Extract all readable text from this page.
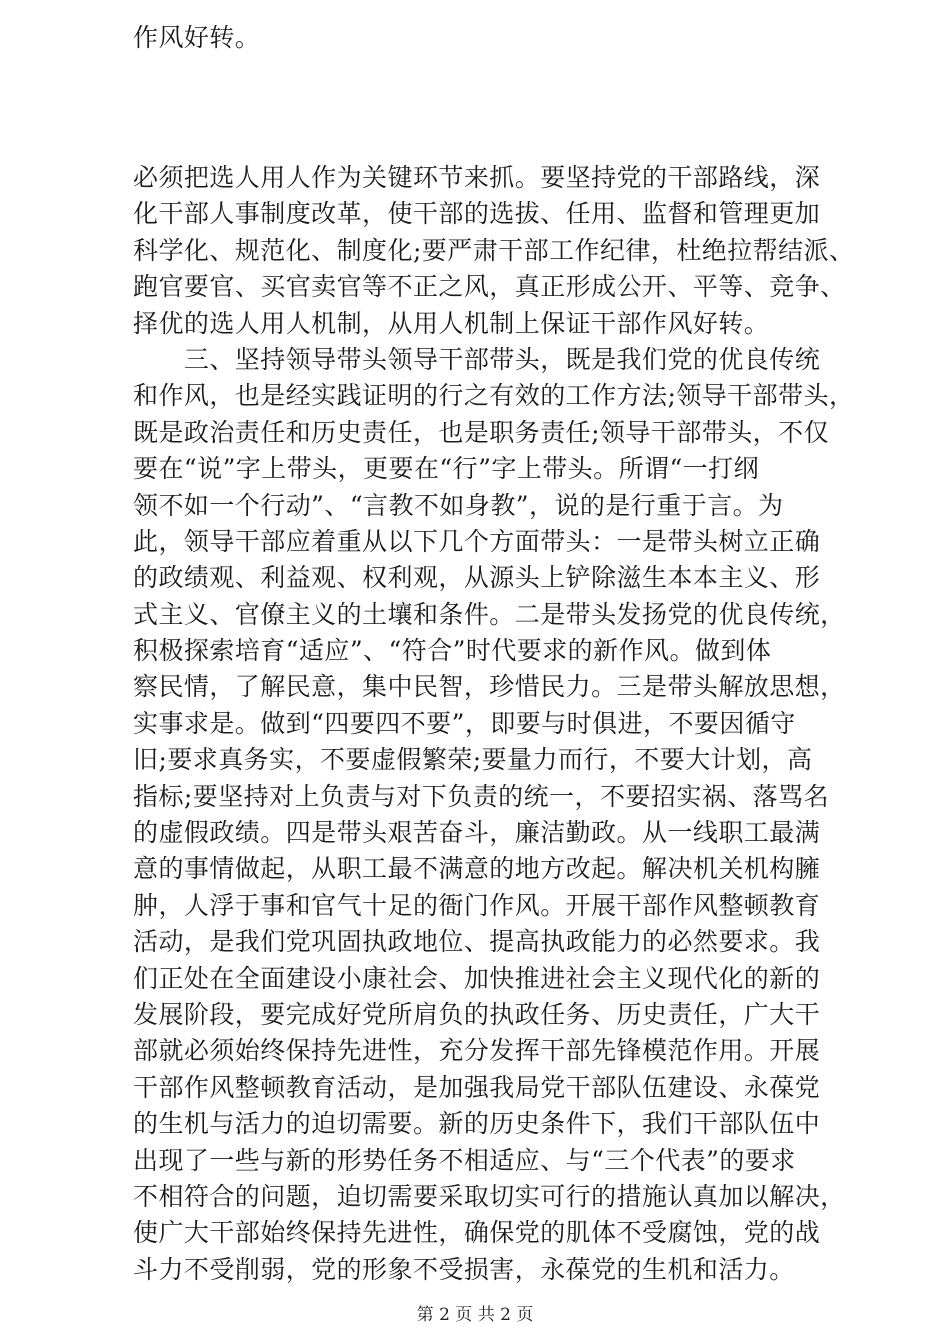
作风好转。
必须把选人用人作为关键环节来抓。要坚持党的干部路线，深
化干部人事制度改革，使干部的选拔、任用、监督和管理更加
科学化、规范化、制度化;要严肃干部工作纪律，杜绝拉帮结派、
跑官要官、买官卖官等不正之风，真正形成公开、平等、竞争、
择优的选人用人机制，从用人机制上保证干部作风好转。
　　三、坚持领导带头领导干部带头，既是我们党的优良传统
和作风，也是经实践证明的行之有效的工作方法;领导干部带头，
既是政治责任和历史责任，也是职务责任;领导干部带头，不仅
要在“说”字上带头，更要在“行”字上带头。所谓“一打纲
领不如一个行动”、“言教不如身教”，说的是行重于言。为
此，领导干部应着重从以下几个方面带头：一是带头树立正确
的政绩观、利益观、权利观，从源头上铲除滋生本本主义、形
式主义、官僚主义的土壤和条件。二是带头发扬党的优良传统，
积极探索培育“适应”、“符合”时代要求的新作风。做到体
察民情，了解民意，集中民智，珍惜民力。三是带头解放思想，
实事求是。做到“四要四不要”，即要与时俱进，不要因循守
旧;要求真务实，不要虚假繁荣;要量力而行，不要大计划，高
指标;要坚持对上负责与对下负责的统一，不要招实祸、落骂名
的虚假政绩。四是带头艰苦奋斗，廉洁勤政。从一线职工最满
意的事情做起，从职工最不满意的地方改起。解决机关机构臃
肿，人浮于事和官气十足的衙门作风。开展干部作风整顿教育
活动，是我们党巩固执政地位、提高执政能力的必然要求。我
们正处在全面建设小康社会、加快推进社会主义现代化的新的
发展阶段，要完成好党所肩负的执政任务、历史责任，广大干
部就必须始终保持先进性，充分发挥干部先锋模范作用。开展
干部作风整顿教育活动，是加强我局党干部队伍建设、永葆党
的生机与活力的迫切需要。新的历史条件下，我们干部队伍中
出现了一些与新的形势任务不相适应、与“三个代表”的要求
不相符合的问题，迫切需要采取切实可行的措施认真加以解决，
使广大干部始终保持先进性，确保党的肌体不受腐蚀，党的战
斗力不受削弱，党的形象不受损害，永葆党的生机和活力。
第 2 页 共 2 页
